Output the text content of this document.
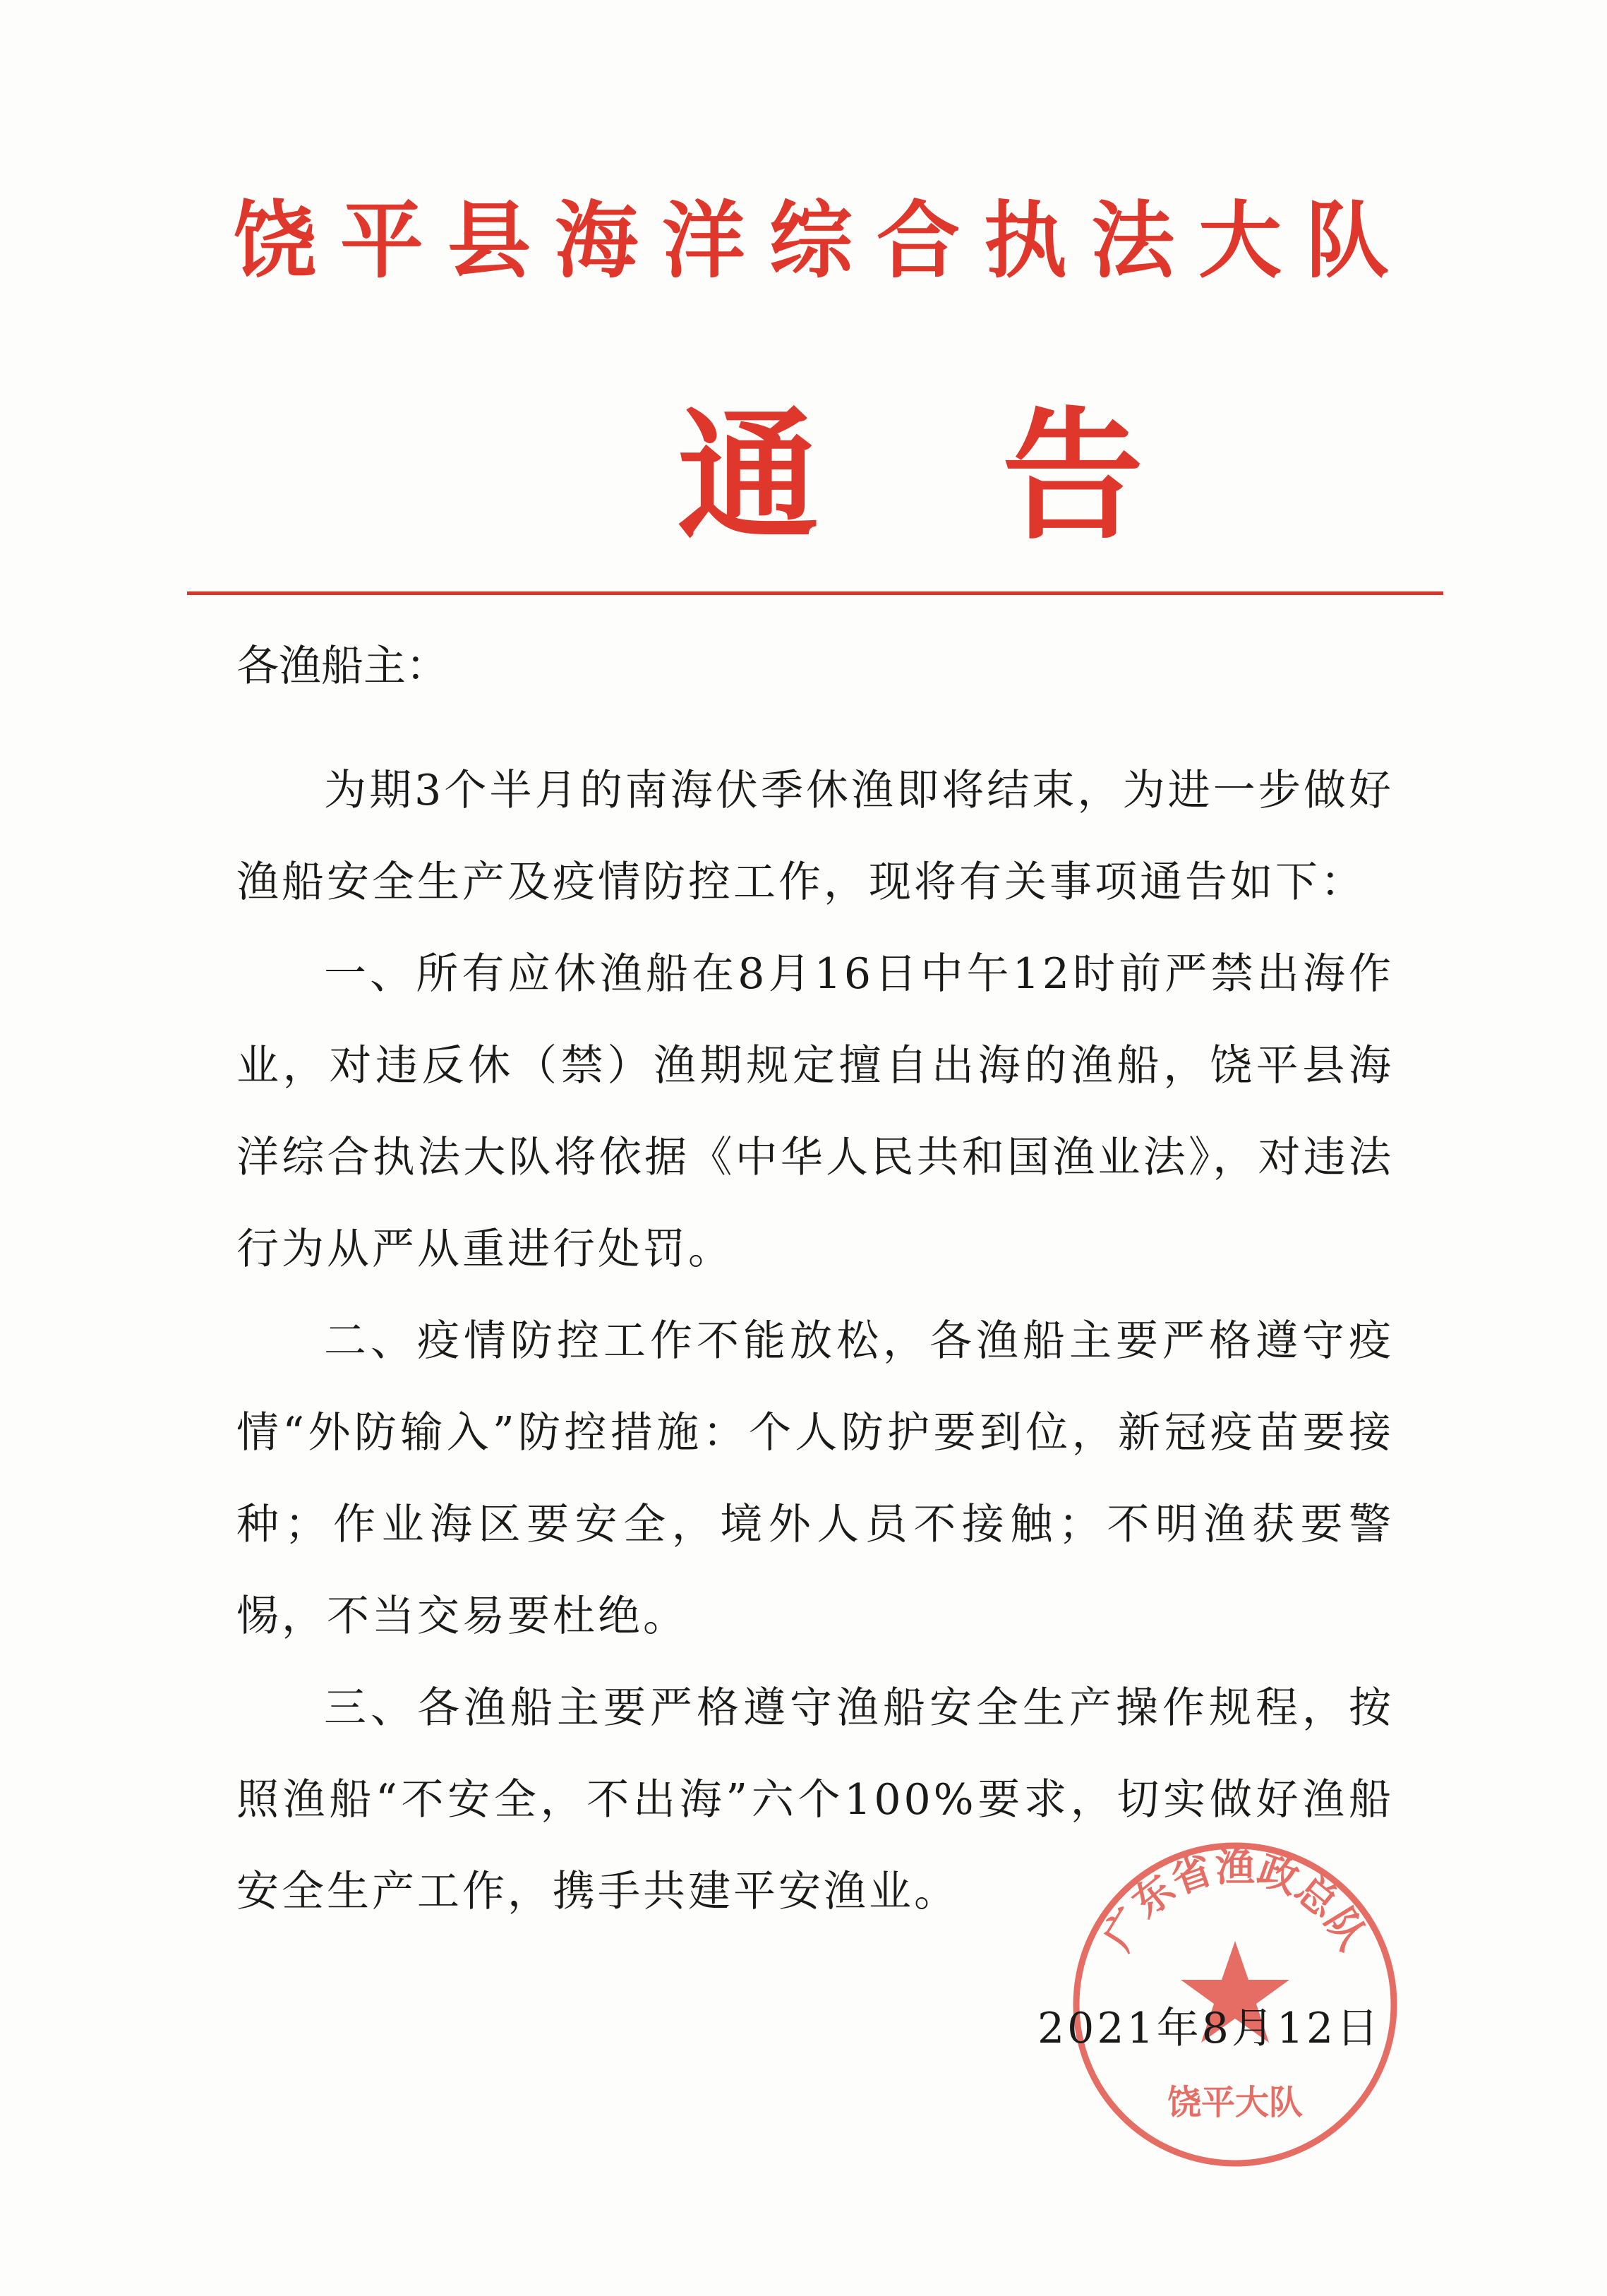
饶平县海洋综合执法大队
通告
各渔船主：

为期3个半月的南海伏季休渔即将结束，为进一步做好渔船安全生产及疫情防控工作，现将有关事项通告如下：

一、所有应休渔船在8月16日中午12时前严禁出海作业，对违反休（禁）渔期规定擅自出海的渔船，饶平县海洋综合执法大队将依据《中华人民共和国渔业法》，对违法行为从严从重进行处罚。

二、疫情防控工作不能放松，各渔船主要严格遵守疫情“外防输入”防控措施：个人防护要到位，新冠疫苗要接种；作业海区要安全，境外人员不接触；不明渔获要警惕，不当交易要杜绝。

三、各渔船主要严格遵守渔船安全生产操作规程，按照渔船“不安全，不出海”六个100%要求，切实做好渔船安全生产工作，携手共建平安渔业。

广东省渔政总队
饶平大队
2021年8月12日
